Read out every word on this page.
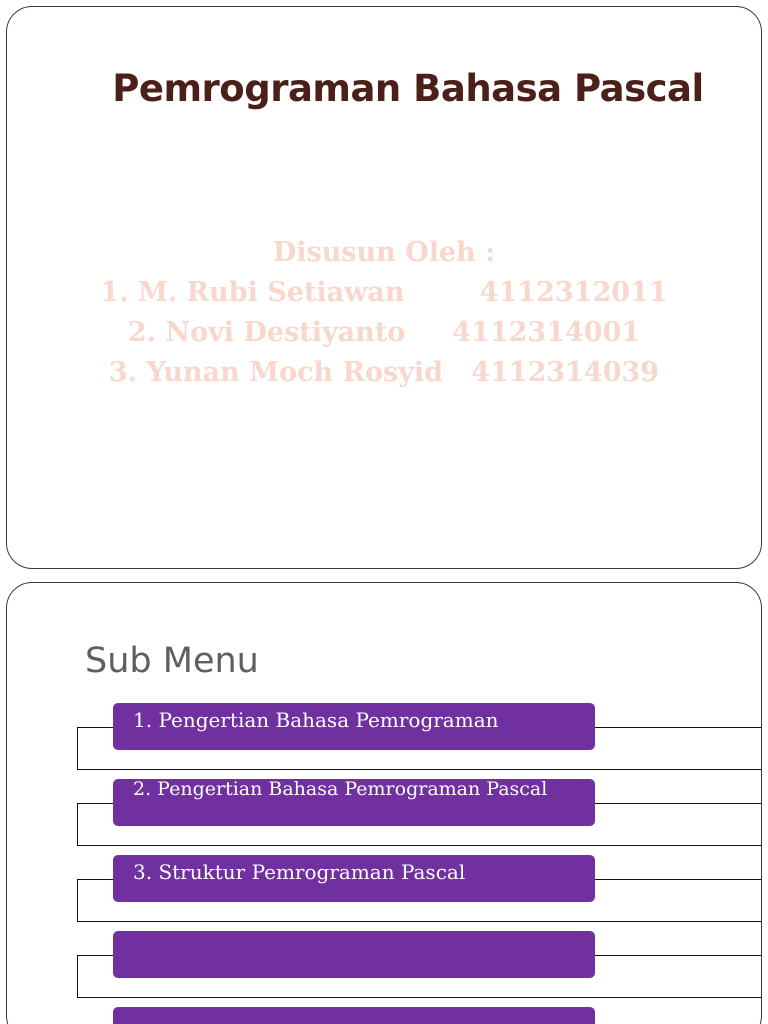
Pemrograman Bahasa Pascal
Disusun Oleh :
1. M. Rubi Setiawan        4112312011
2. Novi Destiyanto     4112314001
3. Yunan Moch Rosyid   4112314039
Sub Menu
1. Pengertian Bahasa Pemrograman
2. Pengertian Bahasa Pemrograman Pascal
3. Struktur Pemrograman Pascal
